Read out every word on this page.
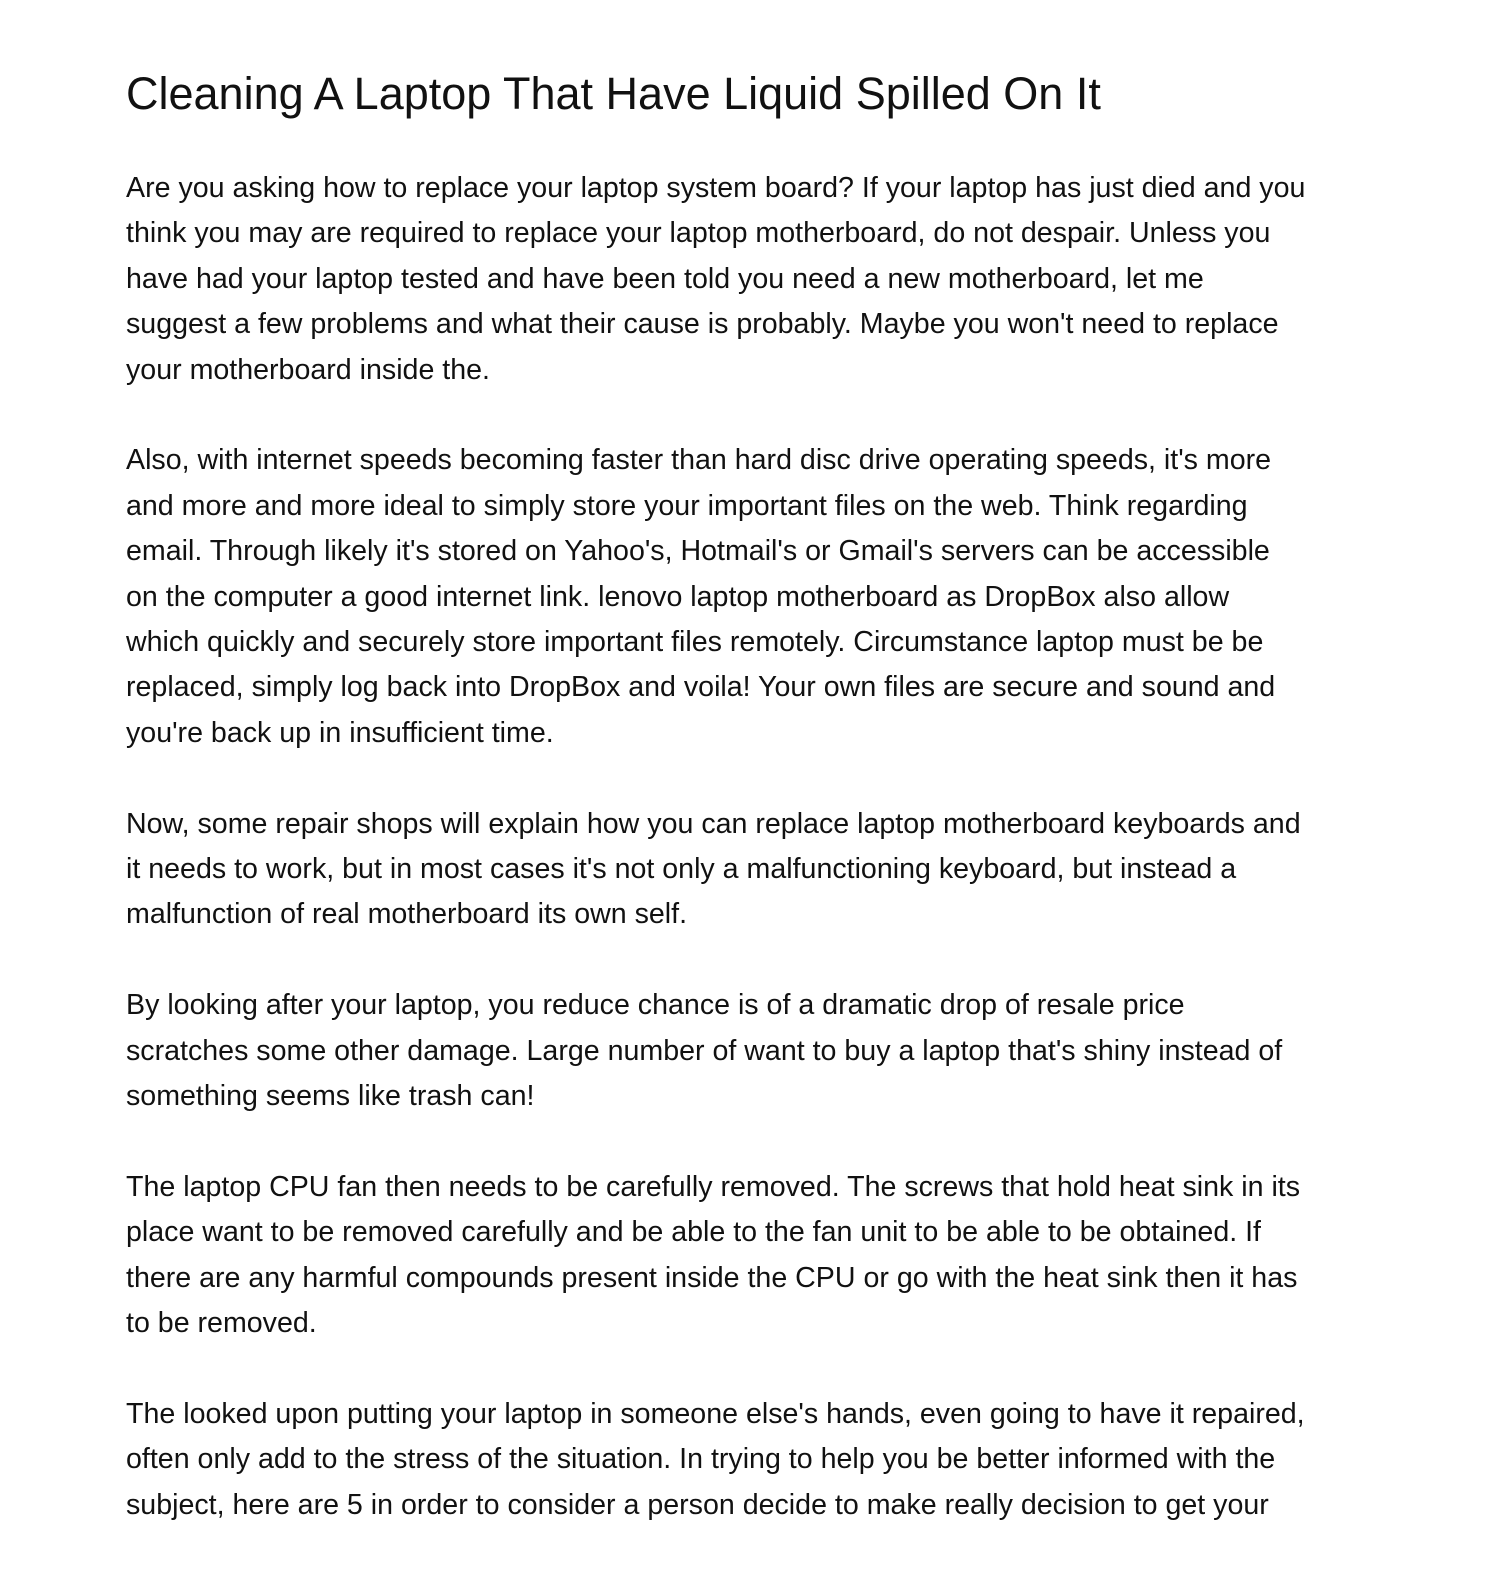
Cleaning A Laptop That Have Liquid Spilled On It

Are you asking how to replace your laptop system board? If your laptop has just died and you
think you may are required to replace your laptop motherboard, do not despair. Unless you
have had your laptop tested and have been told you need a new motherboard, let me
suggest a few problems and what their cause is probably. Maybe you won't need to replace
your motherboard inside the.

Also, with internet speeds becoming faster than hard disc drive operating speeds, it's more
and more and more ideal to simply store your important files on the web. Think regarding
email. Through likely it's stored on Yahoo's, Hotmail's or Gmail's servers can be accessible
on the computer a good internet link. lenovo laptop motherboard as DropBox also allow
which quickly and securely store important files remotely. Circumstance laptop must be be
replaced, simply log back into DropBox and voila! Your own files are secure and sound and
you're back up in insufficient time.

Now, some repair shops will explain how you can replace laptop motherboard keyboards and
it needs to work, but in most cases it's not only a malfunctioning keyboard, but instead a
malfunction of real motherboard its own self.

By looking after your laptop, you reduce chance is of a dramatic drop of resale price
scratches some other damage. Large number of want to buy a laptop that's shiny instead of
something seems like trash can!

The laptop CPU fan then needs to be carefully removed. The screws that hold heat sink in its
place want to be removed carefully and be able to the fan unit to be able to be obtained. If
there are any harmful compounds present inside the CPU or go with the heat sink then it has
to be removed.

The looked upon putting your laptop in someone else's hands, even going to have it repaired,
often only add to the stress of the situation. In trying to help you be better informed with the
subject, here are 5 in order to consider a person decide to make really decision to get your
